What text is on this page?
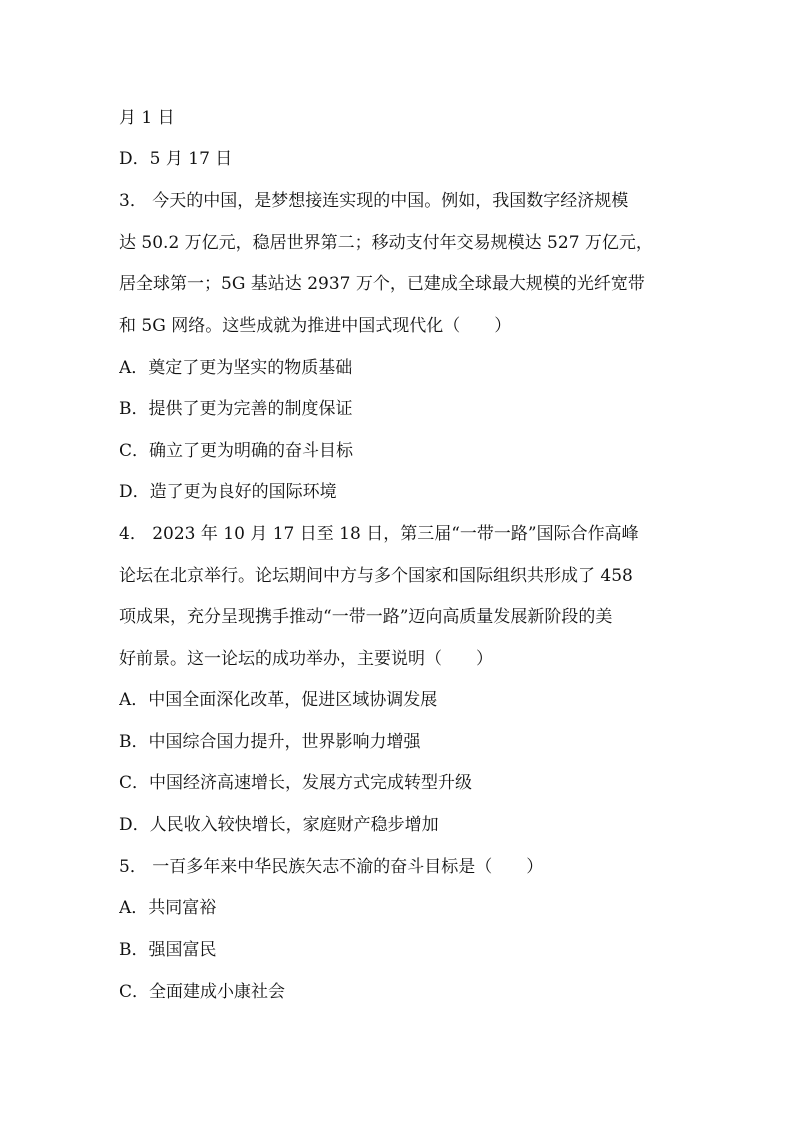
月 1 日
D．5 月 17 日
3． 今天的中国，是梦想接连实现的中国。例如，我国数字经济规模
达 50.2 万亿元，稳居世界第二；移动支付年交易规模达 527 万亿元，
居全球第一；5G 基站达 2937 万个，已建成全球最大规模的光纤宽带
和 5G 网络。这些成就为推进中国式现代化（　　）
A．奠定了更为坚实的物质基础
B．提供了更为完善的制度保证
C．确立了更为明确的奋斗目标
D．造了更为良好的国际环境
4． 2023 年 10 月 17 日至 18 日，第三届“一带一路”国际合作高峰
论坛在北京举行。论坛期间中方与多个国家和国际组织共形成了 458
项成果，充分呈现携手推动“一带一路”迈向高质量发展新阶段的美
好前景。这一论坛的成功举办，主要说明（　　）
A．中国全面深化改革，促进区域协调发展
B．中国综合国力提升，世界影响力增强
C．中国经济高速增长，发展方式完成转型升级
D．人民收入较快增长，家庭财产稳步增加
5． 一百多年来中华民族矢志不渝的奋斗目标是（　　）
A．共同富裕
B．强国富民
C．全面建成小康社会
